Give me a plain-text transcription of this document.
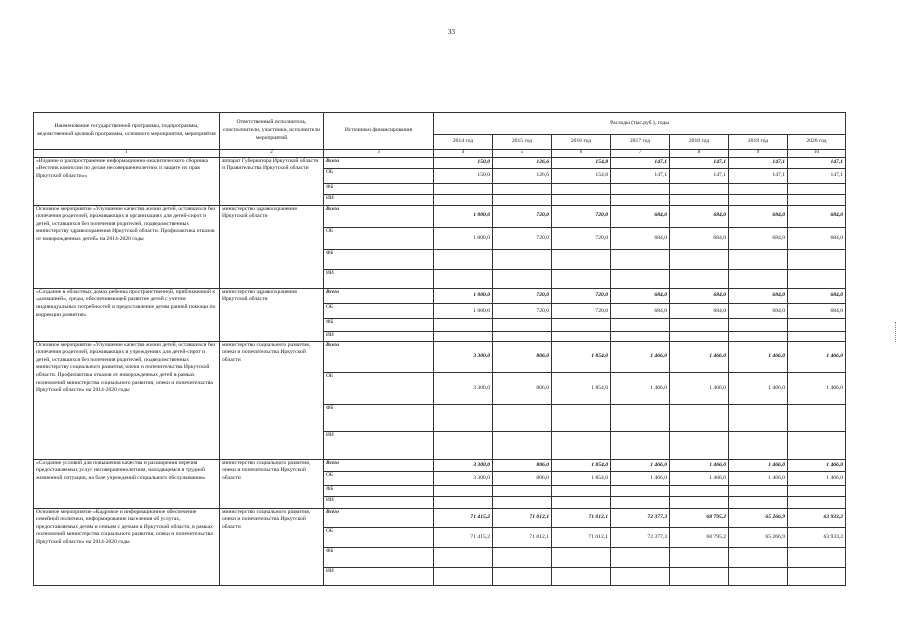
33
Наименование государственной программы, подпрограммы, ведомственной целевой программы, основного мероприятия, мероприятия	Ответственный исполнитель, соисполнители, участники, исполнители мероприятий	Источники финансирования	Расходы (тыс.руб.), годы						
			2014 год	2015 год	2016 год	2017 год	2018 год	2019 год	2020 год
1	2	3	4	5	6	7	8	9	10
«Издание и распространение информационно-аналитического сборника «Вестник комиссии по делам несовершеннолетних и защите их прав Иркутской области»»	аппарат Губернатора Иркутской области и Правительства Иркутской области	Всего	150,0	126,6	154,8	147,1	147,1	147,1	147,1
		ОБ	150,0	126,6	154,8	147,1	147,1	147,1	147,1
		ФБ							
		ИИ							
Основное мероприятие «Улучшение качества жизни детей, оставшихся без попечения родителей, проживающих в организациях для детей-сирот и детей, оставшихся без попечения родителей, подведомственных министерству здравоохранения Иркутской области. Профилактика отказов от новорожденных детей» на 2014-2020 годы	министерство здравоохранения Иркутской области	Всего	1 000,0	720,0	720,0	684,0	684,0	684,0	684,0
		ОБ	1 000,0	720,0	720,0	684,0	684,0	684,0	684,0
		ФБ							
		ИИ							
«Создание в областных домах ребенка пространственной, приближенной к «домашней», среды, обеспечивающей развитие детей с учетом индивидуальных потребностей и предоставление детям ранней помощи по коррекции развития»	министерство здравоохранения Иркутской области	Всего	1 000,0	720,0	720,0	684,0	684,0	684,0	684,0
		ОБ	1 000,0	720,0	720,0	684,0	684,0	684,0	684,0
		ФБ							
		ИИ							
Основное мероприятие «Улучшение качества жизни детей, оставшихся без попечения родителей, проживающих в учреждениях для детей-сирот и детей, оставшихся без попечения родителей, подведомственных министерству социального развития, опеки и попечительства Иркутской области. Профилактика отказов от новорожденных детей в рамках полномочий министерства социального развития, опеки и попечительства Иркутской области» на 2014-2020 годы	министерство социального развития, опеки и попечительства Иркутской области	Всего	3 300,0	806,0	1 854,0	1 466,0	1 466,0	1 466,0	1 466,0
		ОБ	3 300,0	806,0	1 854,0	1 466,0	1 466,0	1 466,0	1 466,0
		ФБ							
		ИИ							
«Создание условий для повышения качества и расширения перечня предоставляемых услуг несовершеннолетним, находящимся в трудной жизненной ситуации, на базе учреждений социального обслуживания»	министерство социального развития, опеки и попечительства Иркутской области	Всего	3 300,0	806,0	1 854,0	1 466,0	1 466,0	1 466,0	1 466,0
		ОБ	3 300,0	806,0	1 854,0	1 466,0	1 466,0	1 466,0	1 466,0
		ФБ							
		ИИ							
Основное мероприятие «Кадровое и информационное обеспечение семейной политики, информирование населения об услугах, предоставляемых детям и семьям с детьми в Иркутской области, в рамках полномочий министерства социального развития, опеки и попечительства Иркутской области» на 2014-2020 годы	министерство социального развития, опеки и попечительства Иркутской области	Всего	71 415,2	71 012,1	71 012,1	72 377,3	68 795,2	65 266,9	63 933,2
		ОБ	71 415,2	71 012,1	71 012,1	72 377,3	68 795,2	65 266,9	63 933,2
		ФБ							
		ИИ							
